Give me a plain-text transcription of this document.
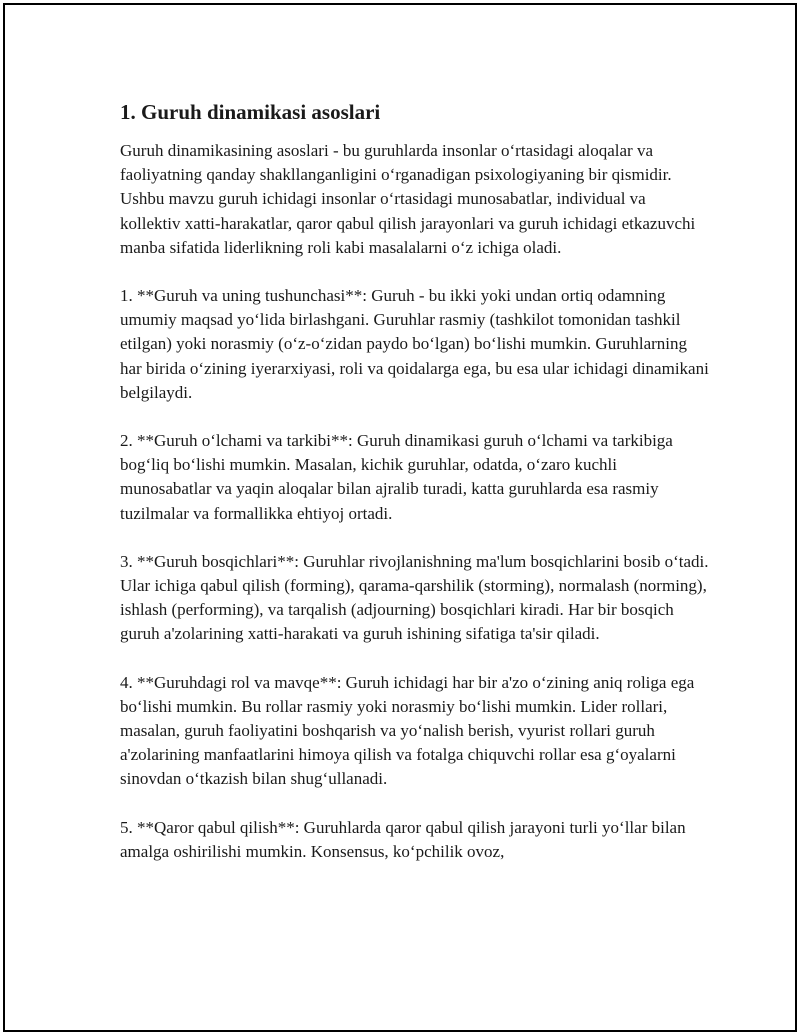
1. Guruh dinamikasi asoslari

Guruh dinamikasining asoslari - bu guruhlarda insonlar o‘rtasidagi aloqalar va faoliyatning qanday shakllanganligini o‘rganadigan psixologiyaning bir qismidir. Ushbu mavzu guruh ichidagi insonlar o‘rtasidagi munosabatlar, individual va kollektiv xatti-harakatlar, qaror qabul qilish jarayonlari va guruh ichidagi etkazuvchi manba sifatida liderlikning roli kabi masalalarni o‘z ichiga oladi.

1. **Guruh va uning tushunchasi**: Guruh - bu ikki yoki undan ortiq odamning umumiy maqsad yo‘lida birlashgani. Guruhlar rasmiy (tashkilot tomonidan tashkil etilgan) yoki norasmiy (o‘z-o‘zidan paydo bo‘lgan) bo‘lishi mumkin. Guruhlarning har birida o‘zining iyerarxiyasi, roli va qoidalarga ega, bu esa ular ichidagi dinamikani belgilaydi.

2. **Guruh o‘lchami va tarkibi**: Guruh dinamikasi guruh o‘lchami va tarkibiga bog‘liq bo‘lishi mumkin. Masalan, kichik guruhlar, odatda, o‘zaro kuchli munosabatlar va yaqin aloqalar bilan ajralib turadi, katta guruhlarda esa rasmiy tuzilmalar va formallikka ehtiyoj ortadi.

3. **Guruh bosqichlari**: Guruhlar rivojlanishning ma'lum bosqichlarini bosib o‘tadi. Ular ichiga qabul qilish (forming), qarama-qarshilik (storming), normalash (norming), ishlash (performing), va tarqalish (adjourning) bosqichlari kiradi. Har bir bosqich guruh a'zolarining xatti-harakati va guruh ishining sifatiga ta'sir qiladi.

4. **Guruhdagi rol va mavqe**: Guruh ichidagi har bir a'zo o‘zining aniq roliga ega bo‘lishi mumkin. Bu rollar rasmiy yoki norasmiy bo‘lishi mumkin. Lider rollari, masalan, guruh faoliyatini boshqarish va yo‘nalish berish, vyurist rollari guruh a'zolarining manfaatlarini himoya qilish va fotalga chiquvchi rollar esa g‘oyalarni sinovdan o‘tkazish bilan shug‘ullanadi.

5. **Qaror qabul qilish**: Guruhlarda qaror qabul qilish jarayoni turli yo‘llar bilan amalga oshirilishi mumkin. Konsensus, ko‘pchilik ovoz,
